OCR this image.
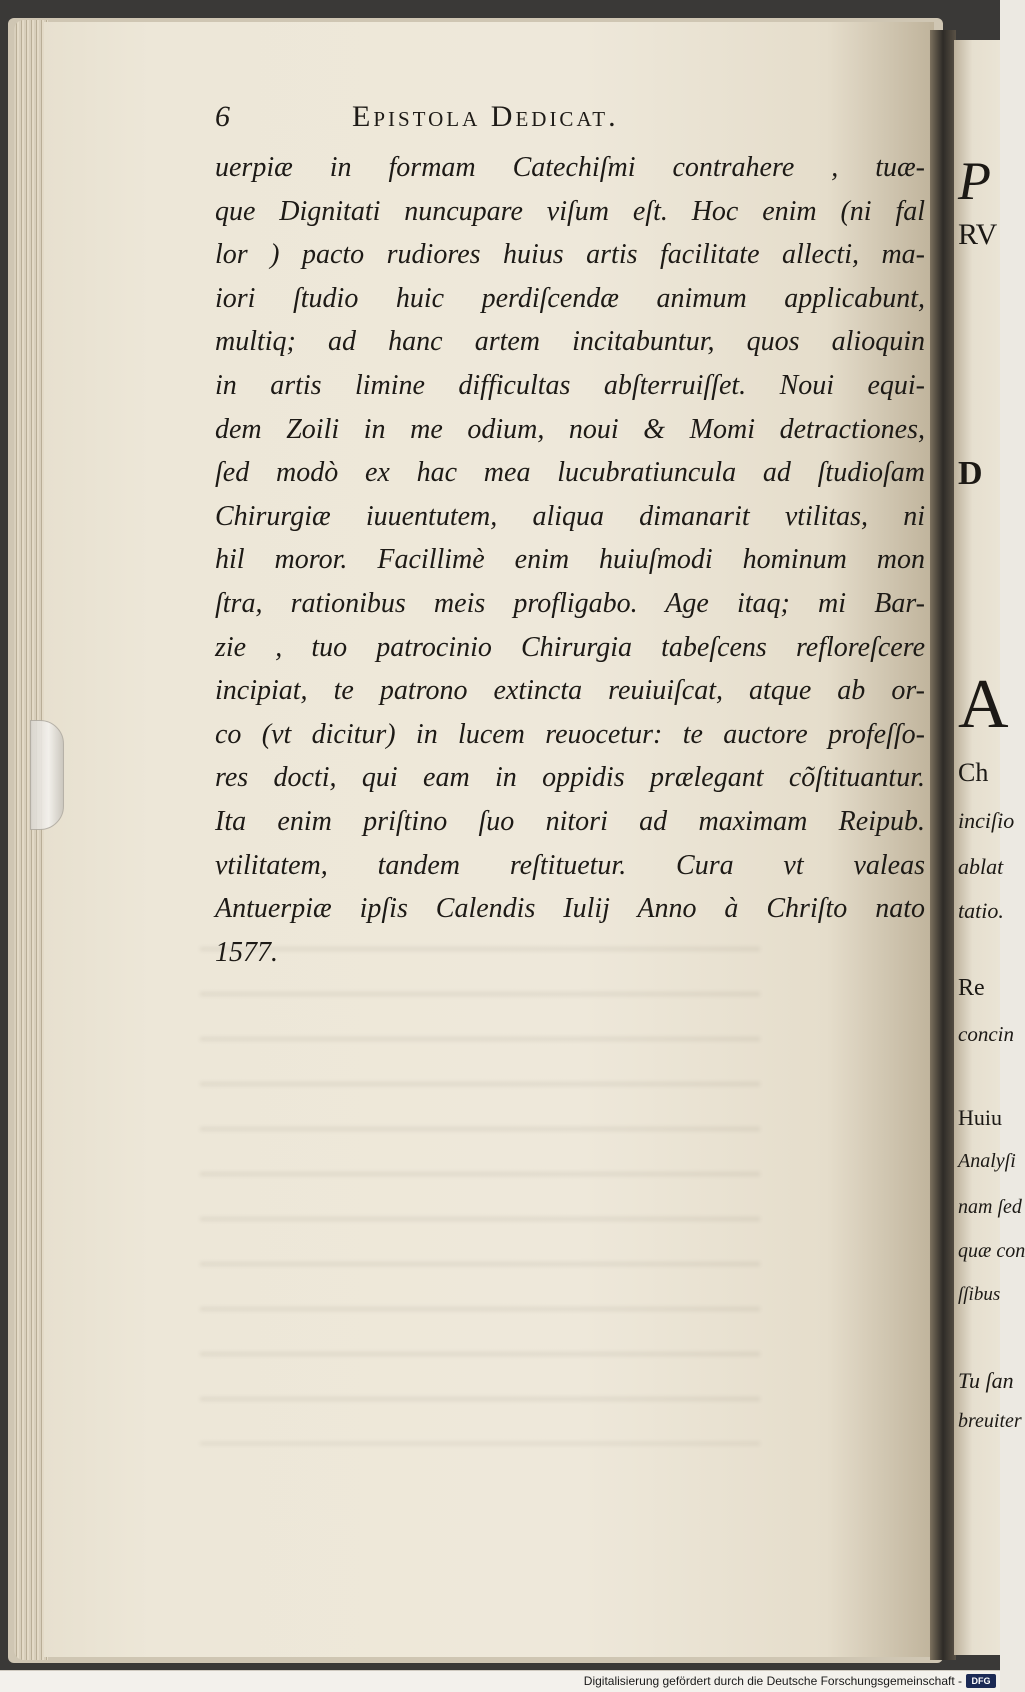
P
RV
D
A
Ch
inciſio
ablat
tatio.
Re
concin
Huiu
Analyſi
nam ſed
quæ con
ſſibus
Tu ſan
breuiter
6	Epistola Dedicat.
uerpiæ in formam Catechiſmi contrahere , tuæ-
que Dignitati nuncupare viſum eſt. Hoc enim (ni fal
lor ) pacto rudiores huius artis facilitate allecti, ma-
iori ſtudio huic perdiſcendæ animum applicabunt,
multiq; ad hanc artem incitabuntur, quos alioquin
in artis limine difficultas abſterruiſſet. Noui equi-
dem Zoili in me odium, noui & Momi detractiones,
ſed modò ex hac mea lucubratiuncula ad ſtudioſam
Chirurgiæ iuuentutem, aliqua dimanarit vtilitas, ni
hil moror. Facillimè enim huiuſmodi hominum mon
ſtra, rationibus meis profligabo. Age itaq; mi Bar-
zie , tuo patrocinio Chirurgia tabeſcens refloreſcere
incipiat, te patrono extincta reuiuiſcat, atque ab or-
co (vt dicitur) in lucem reuocetur: te auctore profeſſo-
res docti, qui eam in oppidis prælegant cõſtituantur.
Ita enim priſtino ſuo nitori ad maximam Reipub.
vtilitatem, tandem reſtituetur. Cura vt valeas
Antuerpiæ ipſis Calendis Iulij Anno à Chriſto nato
1577.
Digitalisierung gefördert durch die Deutsche Forschungsgemeinschaft -	DFG
